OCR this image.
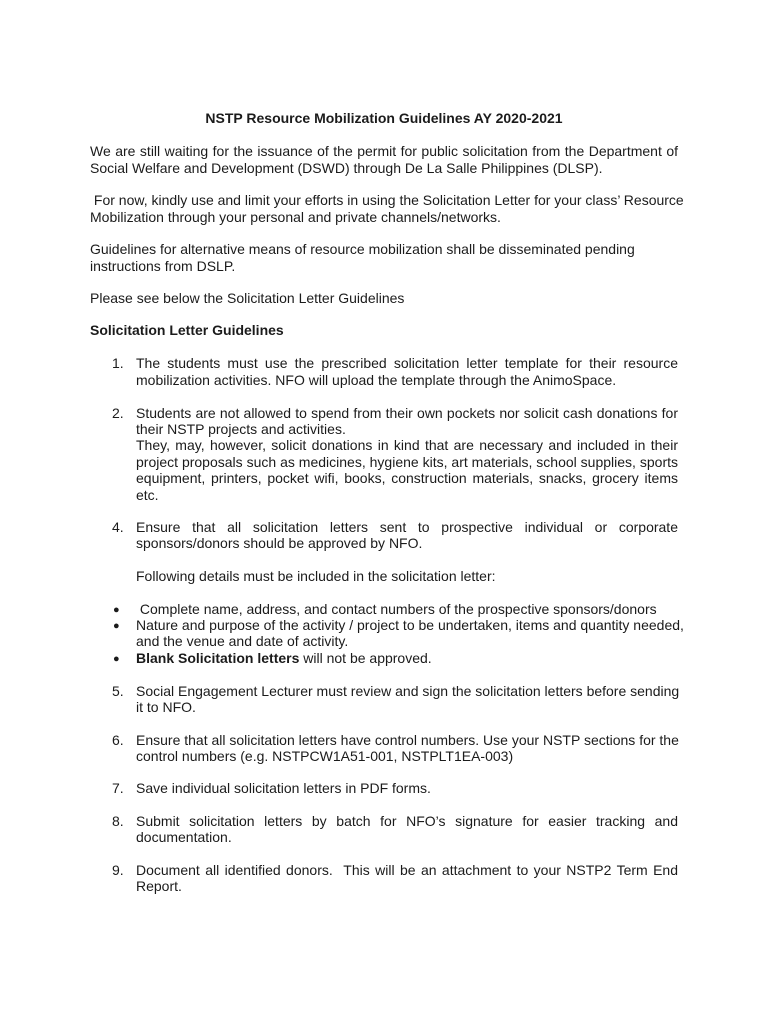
NSTP Resource Mobilization Guidelines AY 2020-2021
We are still waiting for the issuance of the permit for public solicitation from the Department of
Social Welfare and Development (DSWD) through De La Salle Philippines (DLSP).
For now, kindly use and limit your efforts in using the Solicitation Letter for your class’ Resource
Mobilization through your personal and private channels/networks.
Guidelines for alternative means of resource mobilization shall be disseminated pending
instructions from DSLP.
Please see below the Solicitation Letter Guidelines
Solicitation Letter Guidelines
1. The students must use the prescribed solicitation letter template for their resource
mobilization activities. NFO will upload the template through the AnimoSpace.
2. Students are not allowed to spend from their own pockets nor solicit cash donations for
their NSTP projects and activities.
They, may, however, solicit donations in kind that are necessary and included in their
project proposals such as medicines, hygiene kits, art materials, school supplies, sports
equipment, printers, pocket wifi, books, construction materials, snacks, grocery items
etc.
4. Ensure that all solicitation letters sent to prospective individual or corporate
sponsors/donors should be approved by NFO.
Following details must be included in the solicitation letter:
● Complete name, address, and contact numbers of the prospective sponsors/donors
● Nature and purpose of the activity / project to be undertaken, items and quantity needed,
and the venue and date of activity.
● Blank Solicitation letters will not be approved.
5. Social Engagement Lecturer must review and sign the solicitation letters before sending
it to NFO.
6. Ensure that all solicitation letters have control numbers. Use your NSTP sections for the
control numbers (e.g. NSTPCW1A51-001, NSTPLT1EA-003)
7. Save individual solicitation letters in PDF forms.
8. Submit solicitation letters by batch for NFO’s signature for easier tracking and
documentation.
9. Document all identified donors.  This will be an attachment to your NSTP2 Term End
Report.
